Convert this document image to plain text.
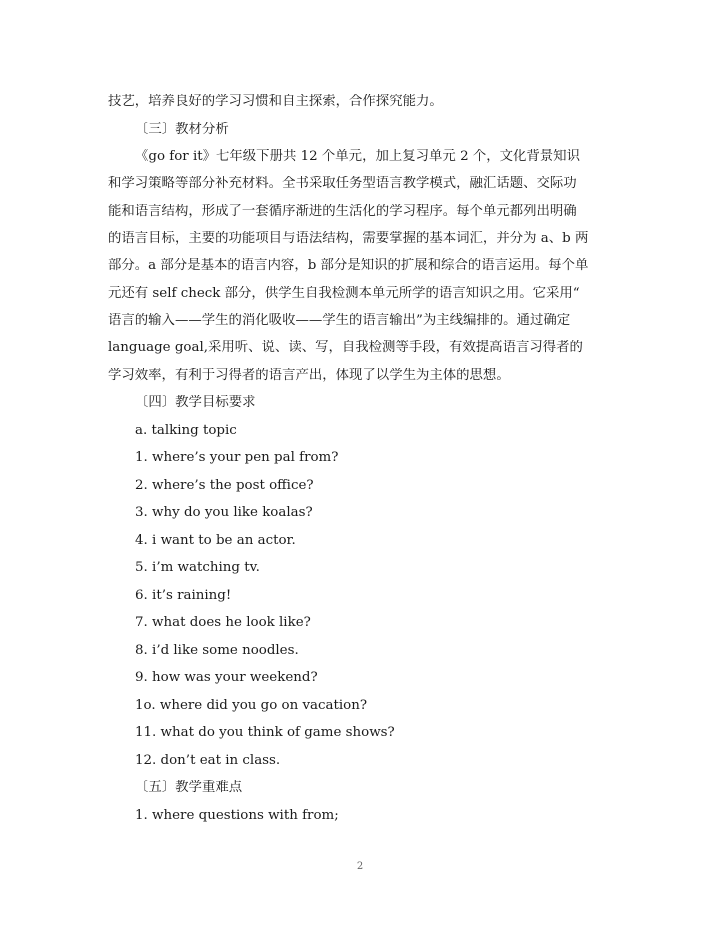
技艺，培养良好的学习习惯和自主探索，合作探究能力。
〔三〕教材分析
《go for it》七年级下册共 12 个单元，加上复习单元 2 个，文化背景知识
和学习策略等部分补充材料。全书采取任务型语言教学模式，融汇话题、交际功
能和语言结构，形成了一套循序渐进的生活化的学习程序。每个单元都列出明确
的语言目标，主要的功能项目与语法结构，需要掌握的基本词汇，并分为 a、b 两
部分。a 部分是基本的语言内容，b 部分是知识的扩展和综合的语言运用。每个单
元还有 self check 部分，供学生自我检测本单元所学的语言知识之用。它采用“
语言的输入——学生的消化吸收——学生的语言输出”为主线编排的。通过确定
language goal,采用听、说、读、写，自我检测等手段，有效提高语言习得者的
学习效率，有利于习得者的语言产出，体现了以学生为主体的思想。
〔四〕教学目标要求
a. talking topic
1. where’s your pen pal from?
2. where’s the post office?
3. why do you like koalas?
4. i want to be an actor.
5. i’m watching tv.
6. it’s raining!
7. what does he look like?
8. i’d like some noodles.
9. how was your weekend?
1o. where did you go on vacation?
11. what do you think of game shows?
12. don’t eat in class.
〔五〕教学重难点
1. where questions with from;
2
